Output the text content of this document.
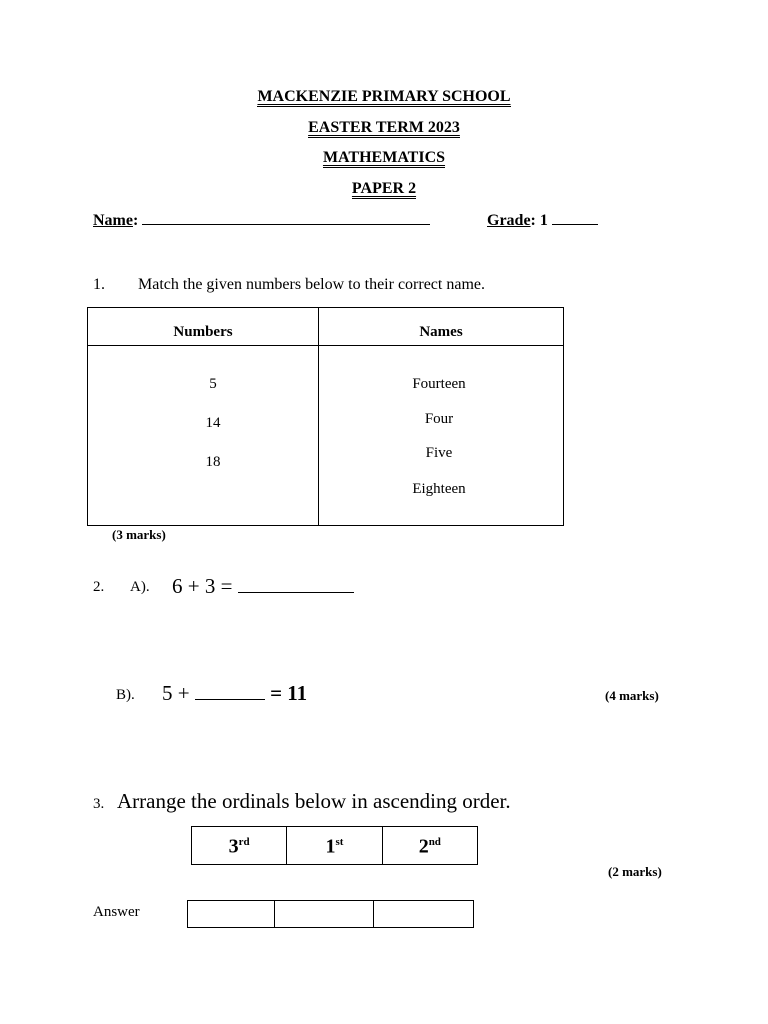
MACKENZIE PRIMARY SCHOOL
EASTER TERM 2023
MATHEMATICS
PAPER 2
Name:	Grade: 1
1. Match the given numbers below to their correct name.
Numbers	Names
5
14
18
Fourteen
Four
Five
Eighteen
(3 marks)
2. A). 6 + 3 =
B). 5 +	= 11	(4 marks)
3. Arrange the ordinals below in ascending order.
3rd	1st	2nd
(2 marks)
Answer
